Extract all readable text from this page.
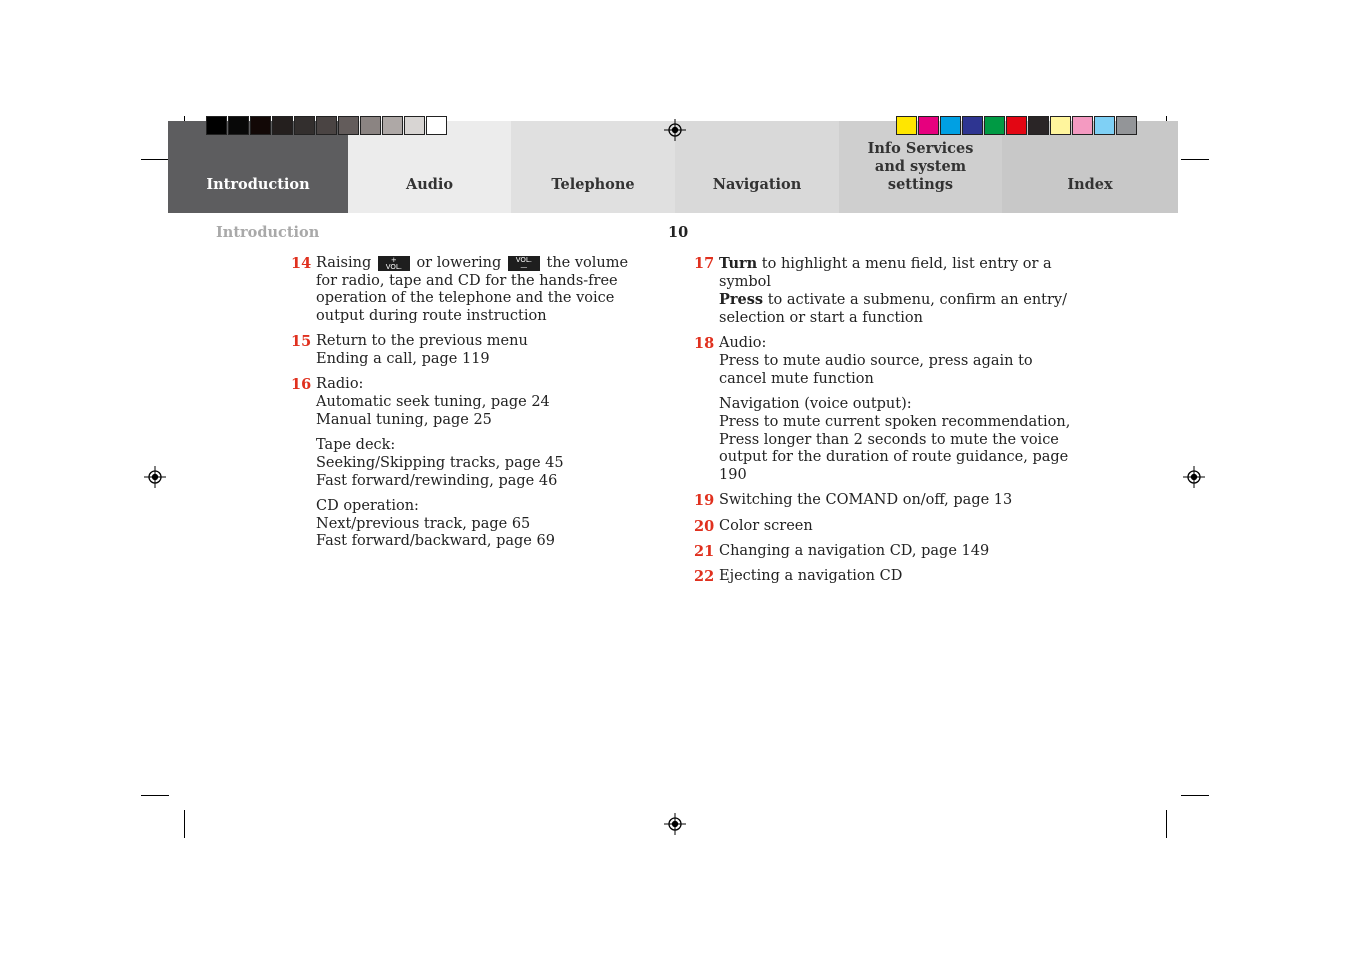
Introduction	Audio	Telephone	Navigation
Info Services and system settings	Index
Introduction	10
14 Raising	+
VOL. or lowering VOL.
— the volume for radio, tape and CD for the hands-free operation of the telephone and the voice output during route instruction

15 Return to the previous menu
Ending a call, page 119

16 Radio:
Automatic seek tuning, page 24
Manual tuning, page 25

Tape deck:
Seeking/Skipping tracks, page 45
Fast forward/rewinding, page 46

CD operation:
Next/previous track, page 65
Fast forward/backward, page 69

17 Turn to highlight a menu field, list entry or a symbol
Press to activate a submenu, confirm an entry/ selection or start a function

18 Audio:
Press to mute audio source, press again to cancel mute function

Navigation (voice output):
Press to mute current spoken recommendation, Press longer than 2 seconds to mute the voice output for the duration of route guidance, page 190

19 Switching the COMAND on/off, page 13

20 Color screen

21 Changing a navigation CD, page 149

22 Ejecting a navigation CD
